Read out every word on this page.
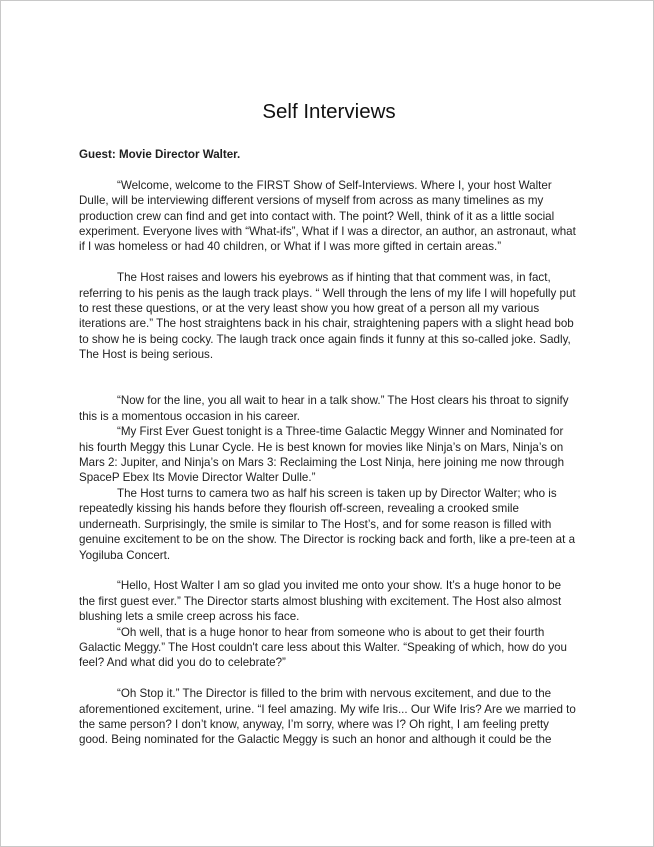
Self Interviews
Guest: Movie Director Walter.

“Welcome, welcome to the FIRST Show of Self-Interviews. Where I, your host Walter Dulle, will be interviewing different versions of myself from across as many timelines as my production crew can find and get into contact with. The point? Well, think of it as a little social experiment. Everyone lives with “What-ifs”, What if I was a director, an author, an astronaut, what if I was homeless or had 40 children, or What if I was more gifted in certain areas.”

The Host raises and lowers his eyebrows as if hinting that that comment was, in fact, referring to his penis as the laugh track plays. “ Well through the lens of my life I will hopefully put to rest these questions, or at the very least show you how great of a person all my various iterations are.” The host straightens back in his chair, straightening papers with a slight head bob to show he is being cocky. The laugh track once again finds it funny at this so-called joke. Sadly, The Host is being serious.

“Now for the line, you all wait to hear in a talk show.” The Host clears his throat to signify this is a momentous occasion in his career.

“My First Ever Guest tonight is a Three-time Galactic Meggy Winner and Nominated for his fourth Meggy this Lunar Cycle. He is best known for movies like Ninja’s on Mars, Ninja’s on Mars 2: Jupiter, and Ninja’s on Mars 3: Reclaiming the Lost Ninja, here joining me now through SpaceP Ebex Its Movie Director Walter Dulle.”

The Host turns to camera two as half his screen is taken up by Director Walter; who is repeatedly kissing his hands before they flourish off-screen, revealing a crooked smile underneath. Surprisingly, the smile is similar to The Host’s, and for some reason is filled with genuine excitement to be on the show. The Director is rocking back and forth, like a pre-teen at a Yogiluba Concert.

“Hello, Host Walter I am so glad you invited me onto your show. It’s a huge honor to be the first guest ever.” The Director starts almost blushing with excitement. The Host also almost blushing lets a smile creep across his face.

“Oh well, that is a huge honor to hear from someone who is about to get their fourth Galactic Meggy.” The Host couldn't care less about this Walter. “Speaking of which, how do you feel? And what did you do to celebrate?”

“Oh Stop it.” The Director is filled to the brim with nervous excitement, and due to the aforementioned excitement, urine. “I feel amazing. My wife Iris... Our Wife Iris? Are we married to the same person? I don’t know, anyway, I’m sorry, where was I? Oh right, I am feeling pretty good. Being nominated for the Galactic Meggy is such an honor and although it could be the
